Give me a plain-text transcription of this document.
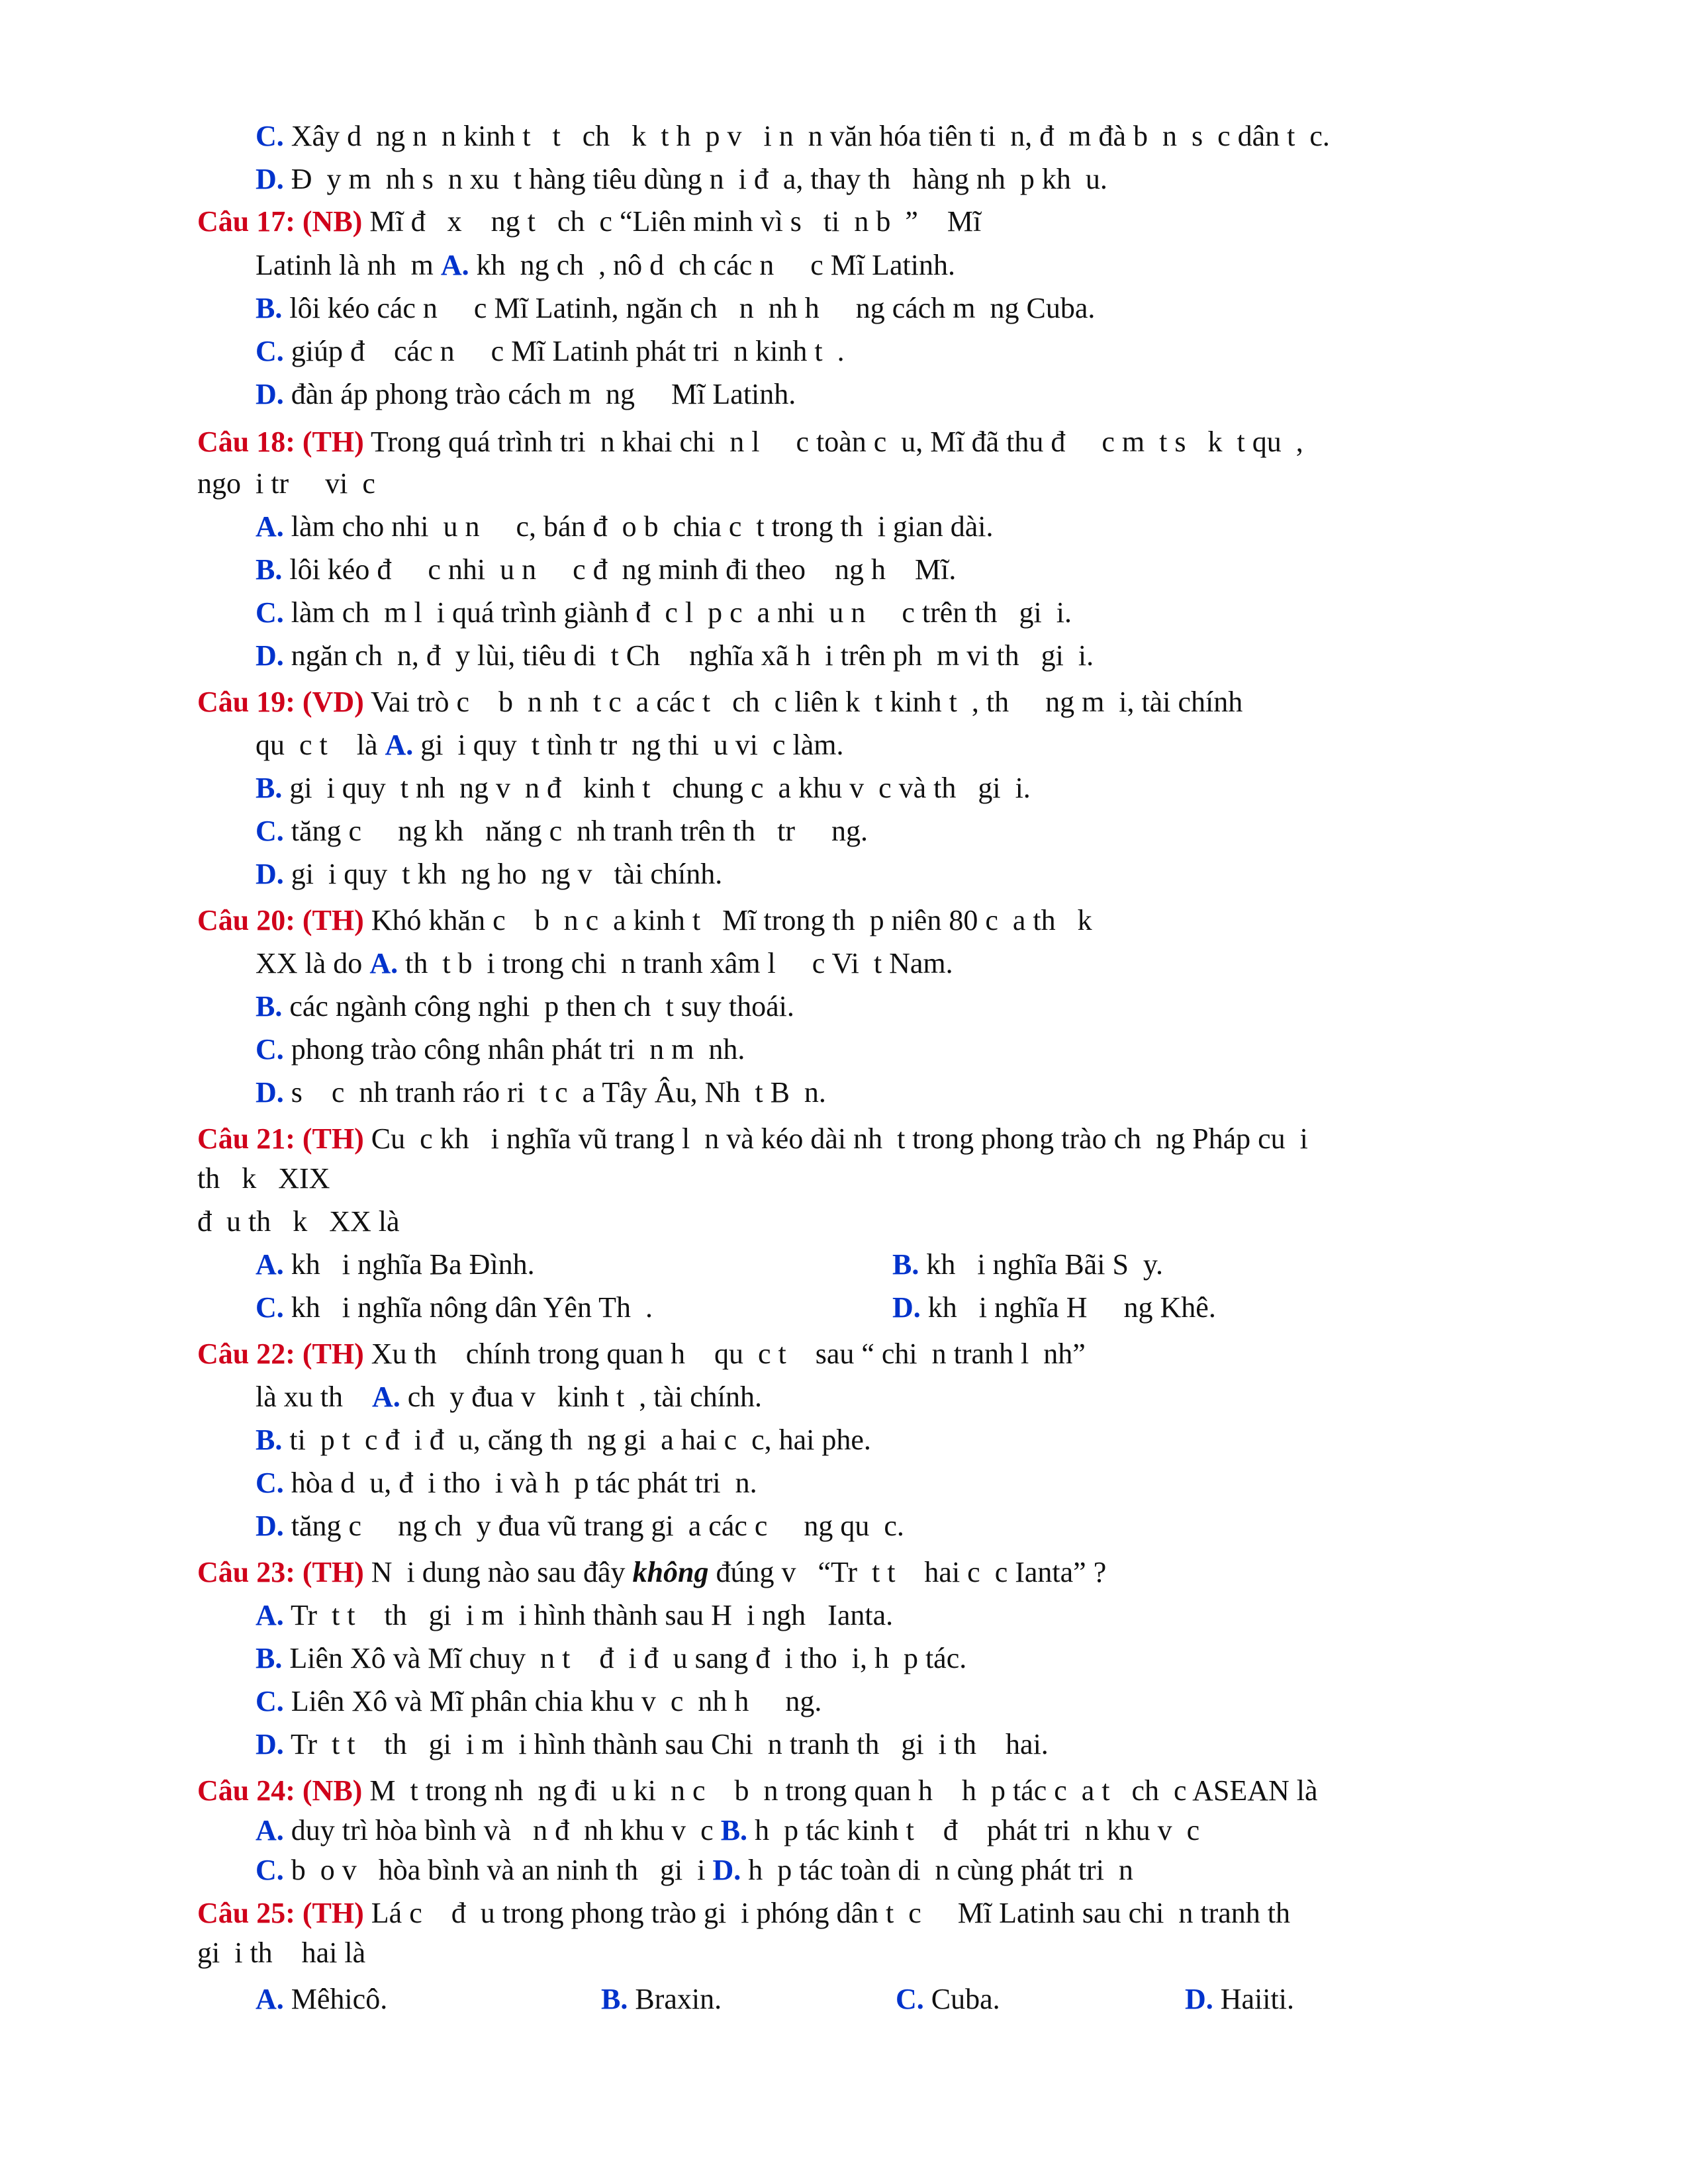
C. Xây d  ng n  n kinh t   t   ch   k  t h  p v   i n  n văn hóa tiên ti  n, đ  m đà b  n  s  c dân t  c.
D. Đ  y m  nh s  n xu  t hàng tiêu dùng n  i đ  a, thay th   hàng nh  p kh  u.
Câu 17: (NB) Mĩ đ   x    ng t   ch  c “Liên minh vì s   ti  n b  ”    Mĩ
Latinh là nh  m A. kh  ng ch  , nô d  ch các n     c Mĩ Latinh.
B. lôi kéo các n     c Mĩ Latinh, ngăn ch   n  nh h     ng cách m  ng Cuba.
C. giúp đ    các n     c Mĩ Latinh phát tri  n kinh t  .
D. đàn áp phong trào cách m  ng     Mĩ Latinh.
Câu 18: (TH) Trong quá trình tri  n khai chi  n l     c toàn c  u, Mĩ đã thu đ     c m  t s   k  t qu  ,
ngo  i tr     vi  c
A. làm cho nhi  u n     c, bán đ  o b  chia c  t trong th  i gian dài.
B. lôi kéo đ     c nhi  u n     c đ  ng minh đi theo    ng h    Mĩ.
C. làm ch  m l  i quá trình giành đ  c l  p c  a nhi  u n     c trên th   gi  i.
D. ngăn ch  n, đ  y lùi, tiêu di  t Ch    nghĩa xã h  i trên ph  m vi th   gi  i.
Câu 19: (VD) Vai trò c    b  n nh  t c  a các t   ch  c liên k  t kinh t  , th     ng m  i, tài chính
qu  c t    là A. gi  i quy  t tình tr  ng thi  u vi  c làm.
B. gi  i quy  t nh  ng v  n đ   kinh t   chung c  a khu v  c và th   gi  i.
C. tăng c     ng kh   năng c  nh tranh trên th   tr     ng.
D. gi  i quy  t kh  ng ho  ng v   tài chính.
Câu 20: (TH) Khó khăn c    b  n c  a kinh t   Mĩ trong th  p niên 80 c  a th   k
XX là do A. th  t b  i trong chi  n tranh xâm l     c Vi  t Nam.
B. các ngành công nghi  p then ch  t suy thoái.
C. phong trào công nhân phát tri  n m  nh.
D. s    c  nh tranh ráo ri  t c  a Tây Âu, Nh  t B  n.
Câu 21: (TH) Cu  c kh   i nghĩa vũ trang l  n và kéo dài nh  t trong phong trào ch  ng Pháp cu  i
th   k   XIX
đ  u th   k   XX là
A. kh   i nghĩa Ba Đình.	B. kh   i nghĩa Bãi S  y.
C. kh   i nghĩa nông dân Yên Th  .	D. kh   i nghĩa H     ng Khê.
Câu 22: (TH) Xu th    chính trong quan h    qu  c t    sau “ chi  n tranh l  nh”
là xu th    A. ch  y đua v   kinh t  , tài chính.
B. ti  p t  c đ  i đ  u, căng th  ng gi  a hai c  c, hai phe.
C. hòa d  u, đ  i tho  i và h  p tác phát tri  n.
D. tăng c     ng ch  y đua vũ trang gi  a các c     ng qu  c.
Câu 23: (TH) N  i dung nào sau đây không đúng v   “Tr  t t    hai c  c Ianta” ?
A. Tr  t t    th   gi  i m  i hình thành sau H  i ngh   Ianta.
B. Liên Xô và Mĩ chuy  n t    đ  i đ  u sang đ  i tho  i, h  p tác.
C. Liên Xô và Mĩ phân chia khu v  c  nh h     ng.
D. Tr  t t    th   gi  i m  i hình thành sau Chi  n tranh th   gi  i th    hai.
Câu 24: (NB) M  t trong nh  ng đi  u ki  n c    b  n trong quan h    h  p tác c  a t   ch  c ASEAN là
A. duy trì hòa bình và   n đ  nh khu v  c B. h  p tác kinh t    đ    phát tri  n khu v  c
C. b  o v   hòa bình và an ninh th   gi  i D. h  p tác toàn di  n cùng phát tri  n
Câu 25: (TH) Lá c    đ  u trong phong trào gi  i phóng dân t  c     Mĩ Latinh sau chi  n tranh th
gi  i th    hai là
A. Mêhicô.	B. Braxin.	C. Cuba.	D. Haiiti.
